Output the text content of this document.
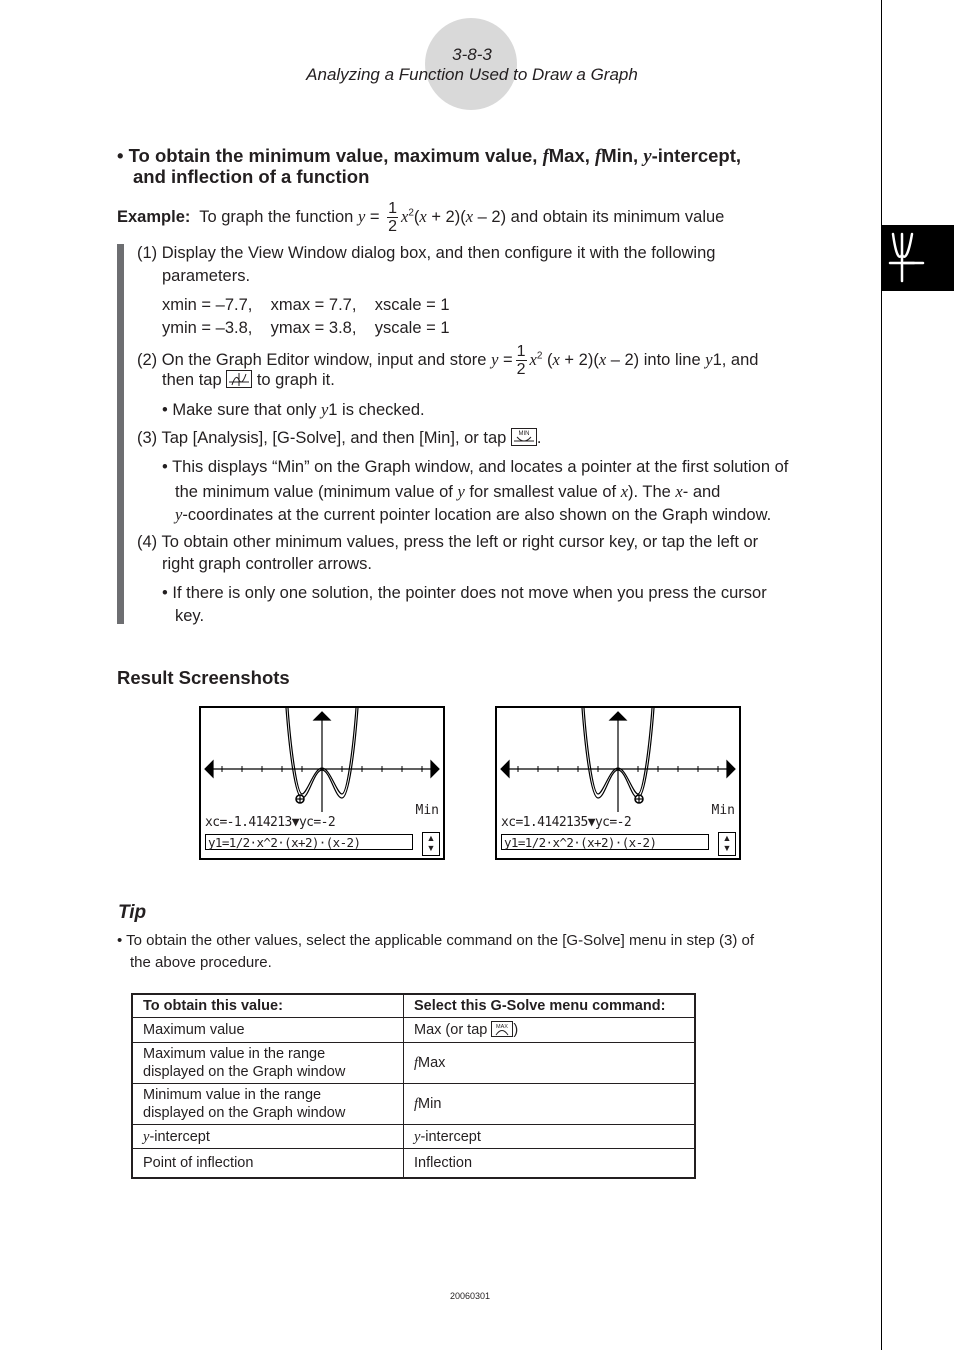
3-8-3
Analyzing a Function Used to Draw a Graph
• To obtain the minimum value, maximum value, fMax, fMin, y-intercept,
and inflection of a function
Example: To graph the function $y = \frac{1}{2} x^2(x + 2)(x - 2)$ and obtain its minimum value
(1) Display the View Window dialog box, and then configure it with the following
parameters.
xmin = –7.7,    xmax = 7.7,    xscale = 1
ymin = –3.8,    ymax = 3.8,    yscale = 1
(2) On the Graph Editor window, input and store $y = \frac{1}{2} x^2$ (x + 2)(x – 2) into line y1, and
then tap to graph it.
• Make sure that only y1 is checked.
(3) Tap [Analysis], [G-Solve], and then [Min], or tap MIN .
• This displays “Min” on the Graph window, and locates a pointer at the first solution of
the minimum value (minimum value of y for smallest value of x). The x- and
y-coordinates at the current pointer location are also shown on the Graph window.
(4) To obtain other minimum values, press the left or right cursor key, or tap the left or
right graph controller arrows.
• If there is only one solution, the pointer does not move when you press the cursor
key.
Result Screenshots
Min
xc=-1.414213▼yc=-2
y1=1/2·x^2·(x+2)·(x-2)	▲
▼
Min
xc=1.4142135▼yc=-2
y1=1/2·x^2·(x+2)·(x-2)	▲
▼
Tip
• To obtain the other values, select the applicable command on the [G-Solve] menu in step (3) of
the above procedure.
To obtain this value:	Select this G-Solve menu command:
Maximum value	Max (or tap MAX )
Maximum value in the range
displayed on the Graph window	fMax
Minimum value in the range
displayed on the Graph window	fMin
y-intercept	y-intercept
Point of inflection	Inflection
20060301
